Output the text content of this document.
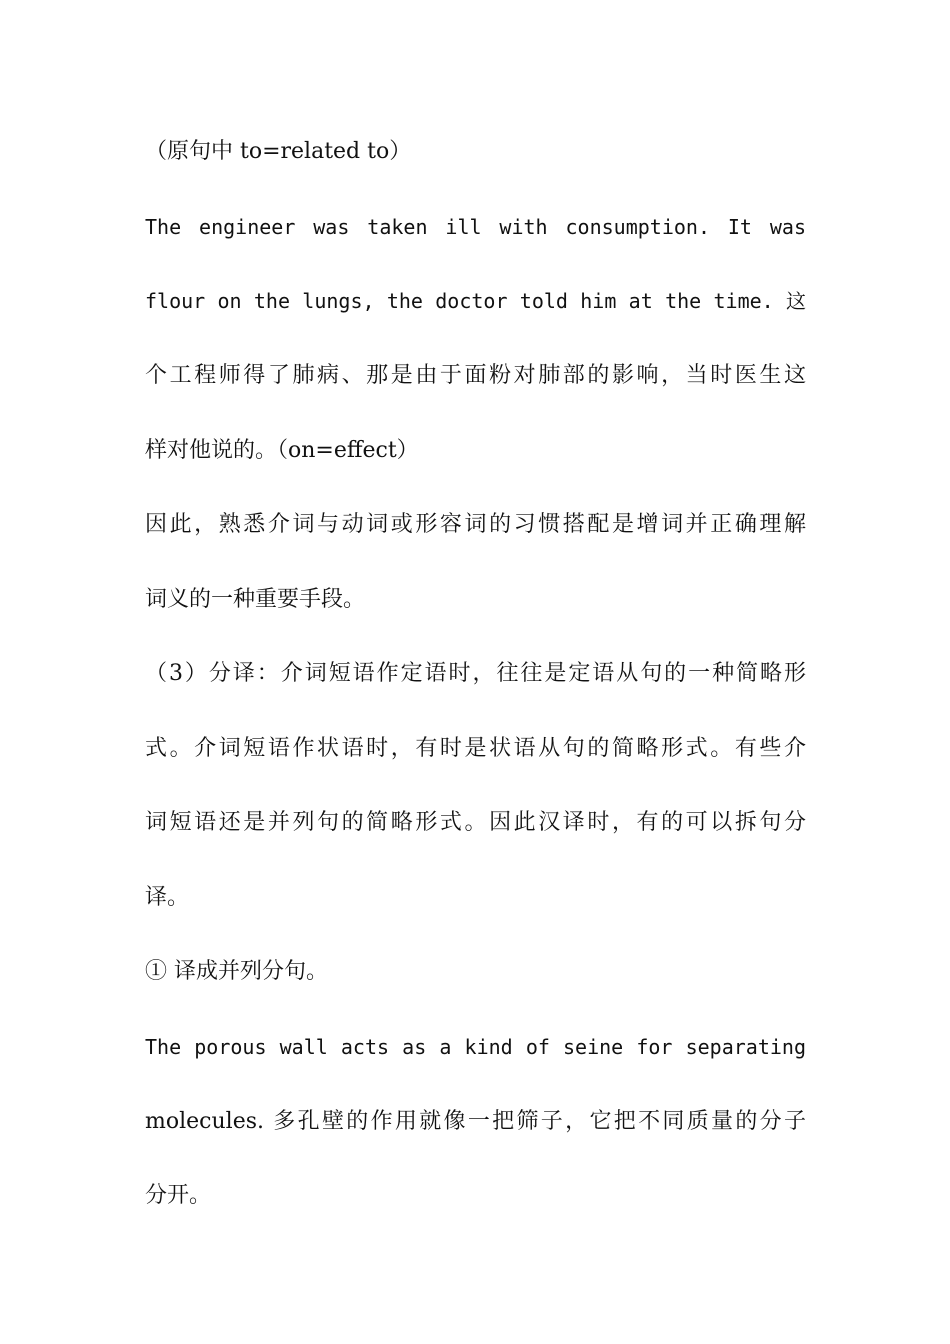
（原句中 to=related to）
The engineer was taken ill with consumption. It was
flour on the lungs, the doctor told him at the time. 这
个工程师得了肺病、那是由于面粉对肺部的影响，当时医生这
样对他说的。（on=effect）
因此，熟悉介词与动词或形容词的习惯搭配是增词并正确理解
词义的一种重要手段。
（3）分译：介词短语作定语时，往往是定语从句的一种简略形
式。介词短语作状语时，有时是状语从句的简略形式。有些介
词短语还是并列句的简略形式。因此汉译时，有的可以拆句分
译。
① 译成并列分句。
The porous wall acts as a kind of seine for separating
molecules. 多孔壁的作用就像一把筛子，它把不同质量的分子
分开。
